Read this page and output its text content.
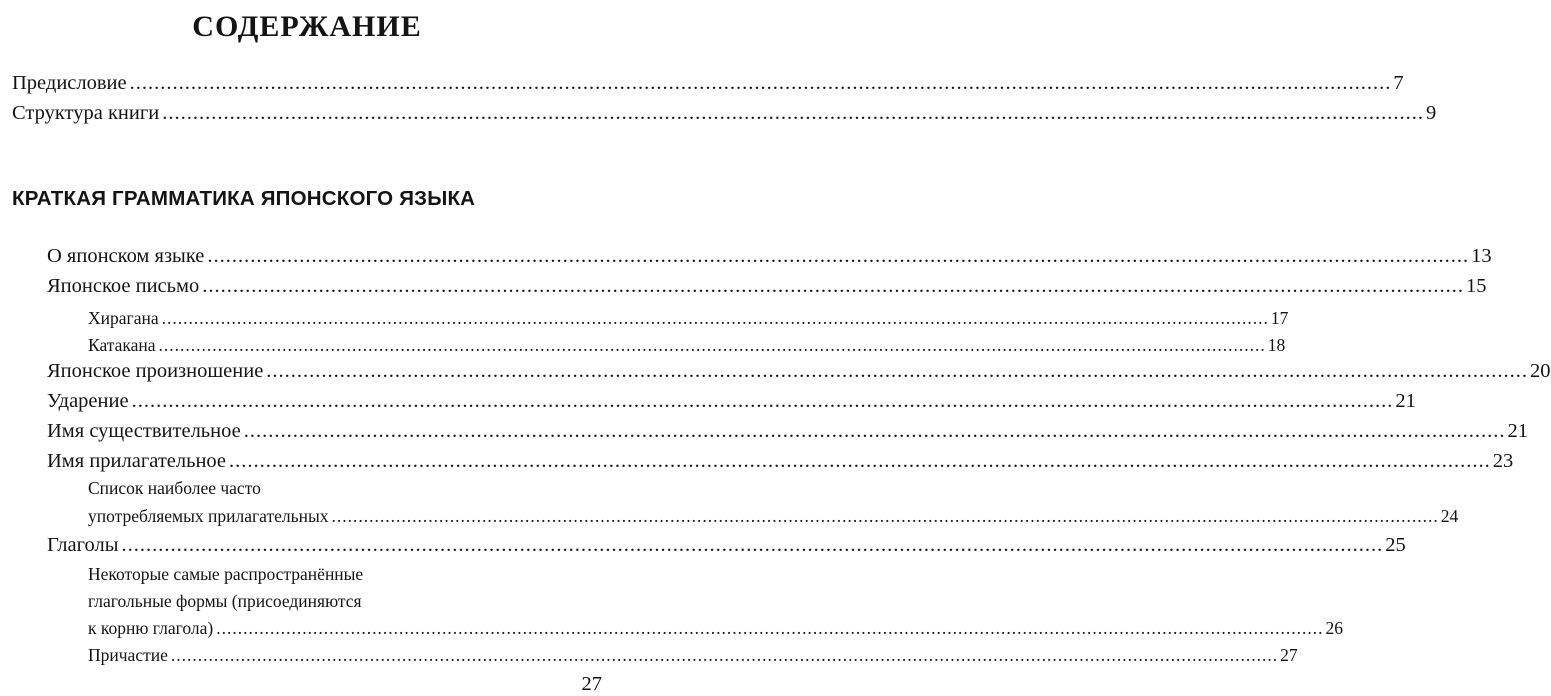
СОДЕРЖАНИЕ
Предисловие .....	7
Структура книги .....	9
КРАТКАЯ ГРАММАТИКА ЯПОНСКОГО ЯЗЫКА
О японском языке .....	13
Японское письмо .....	15
Хирагана .....	17
Катакана .....	18
Японское произношение .....	20
Ударение .....	21
Имя существительное .....	21
Имя прилагательное .....	23
Список наиболее часто
употребляемых прилагательных .....	24
Глаголы .....	25
Некоторые самые распространённые
глагольные формы (присоединяются
к корню глагола) .....	26
Причастие .....	27
27
